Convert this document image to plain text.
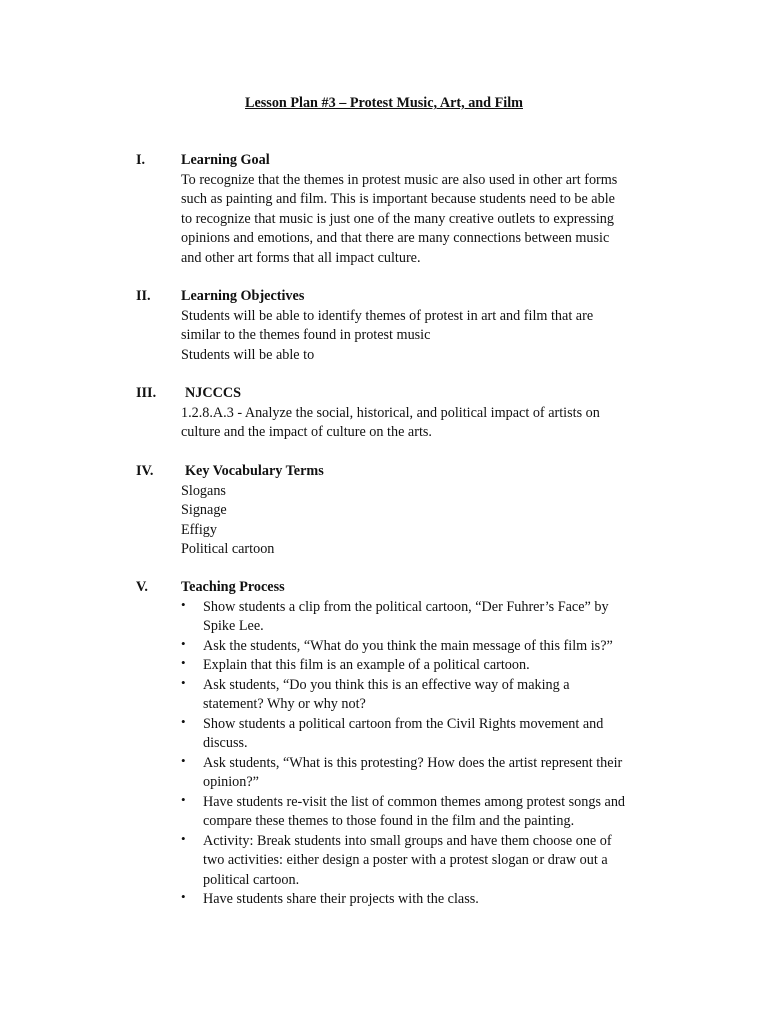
Lesson Plan #3 – Protest Music, Art, and Film
I.	Learning Goal
To recognize that the themes in protest music are also used in other art forms
such as painting and film. This is important because students need to be able
to recognize that music is just one of the many creative outlets to expressing
opinions and emotions, and that there are many connections between music
and other art forms that all impact culture.
II. Learning Objectives
Students will be able to identify themes of protest in art and film that are
similar to the themes found in protest music
Students will be able to
III. NJCCCS
1.2.8.A.3 - Analyze the social, historical, and political impact of artists on
culture and the impact of culture on the arts.
IV. Key Vocabulary Terms
Slogans
Signage
Effigy
Political cartoon
V. Teaching Process
• Show students a clip from the political cartoon, “Der Fuhrer’s Face” by
Spike Lee.
• Ask the students, “What do you think the main message of this film is?”
• Explain that this film is an example of a political cartoon.
• Ask students, “Do you think this is an effective way of making a
statement? Why or why not?
• Show students a political cartoon from the Civil Rights movement and
discuss.
• Ask students, “What is this protesting? How does the artist represent their
opinion?”
• Have students re-visit the list of common themes among protest songs and
compare these themes to those found in the film and the painting.
• Activity: Break students into small groups and have them choose one of
two activities: either design a poster with a protest slogan or draw out a
political cartoon.
• Have students share their projects with the class.
